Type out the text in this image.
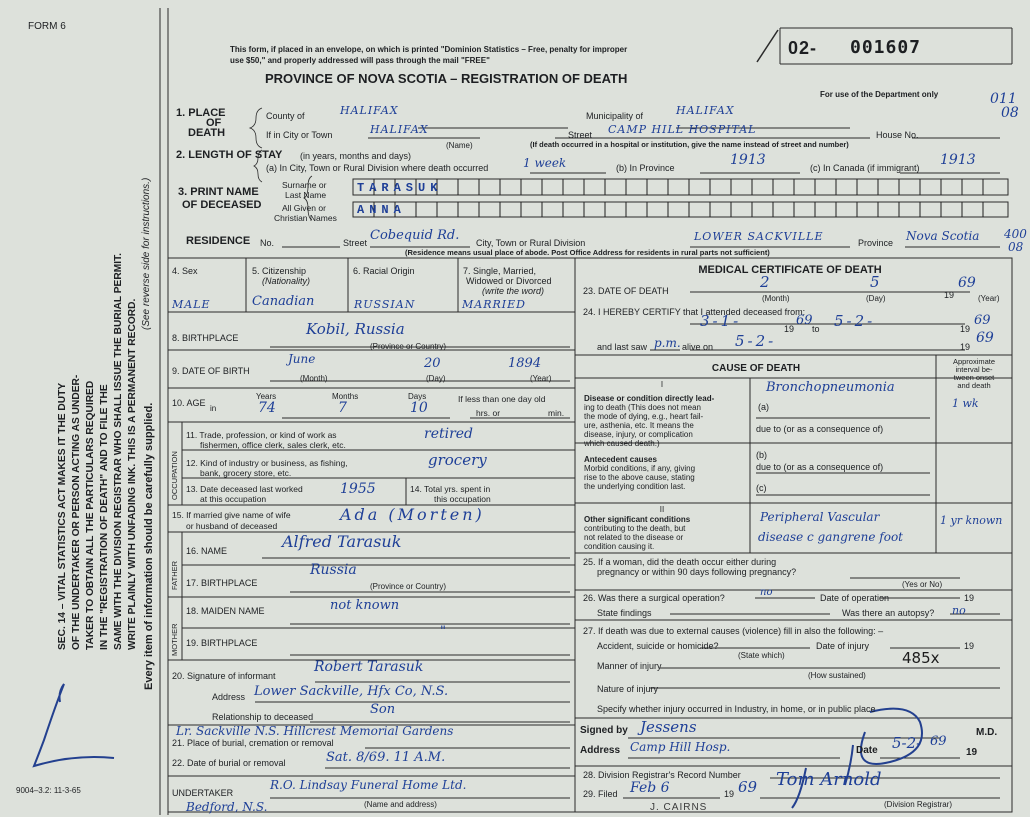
FORM 6
This form, if placed in an envelope, on which is printed "Dominion Statistics – Free, penalty for improper
use $50," and properly addressed will pass through the mail "FREE"
PROVINCE OF NOVA SCOTIA – REGISTRATION OF DEATH
02- 001607
For use of the Department only	011
08
400
08
SEC. 14 – VITAL STATISTICS ACT MAKES IT THE DUTY OF THE UNDERTAKER OR PERSON ACTING AS UNDER- TAKER TO OBTAIN ALL THE PARTICULARS REQUIRED IN THE "REGISTRATION OF DEATH" AND TO FILE THE SAME WITH THE DIVISION REGISTRAR WHO SHALL ISSUE THE BURIAL PERMIT. WRITE PLAINLY WITH UNFADING INK. THIS IS A PERMANENT RECORD. Every item of information should be carefully supplied.
(See reverse side for instructions.)
9004–3.2: 11-3-65
1. PLACE
OF
DEATH
County of	HALIFAX	Municipality of	HALIFAX
If in City or Town	HALIFAX	Street CAMP HILL HOSPITAL	House No.
(Name)	(If death occurred in a hospital or institution, give the name instead of street and number)
2. LENGTH OF STAY (in years, months and days)
(a) In City, Town or Rural Division where death occurred	1 week	(b) In Province	1913	(c) In Canada (if immigrant) 1913
3. PRINT NAME
OF DECEASED
Surname or
Last Name
All Given or
Christian Names
TARASUK
ANNA
RESIDENCE No.	Street Cobequid Rd. City, Town or Rural Division	LOWER SACKVILLE	Province Nova Scotia
(Residence means usual place of abode. Post Office Address for residents in rural parts not sufficient)
4. Sex
MALE
5. Citizenship
(Nationality)
Canadian
6. Racial Origin
RUSSIAN
7. Single, Married,
Widowed or Divorced
(write the word)
MARRIED
8. BIRTHPLACE	Kobil, Russia
(Province or Country)
9. DATE OF BIRTH
June	20	1894
(Month)	(Day)	(Year)
10. AGE
in
Years	Months	Days
74	7	10
If less than one day old
hrs. or	min.
OCCUPATION
11. Trade, profession, or kind of work as
fishermen, office clerk, sales clerk, etc.
retired
12. Kind of industry or business, as fishing,
bank, grocery store, etc.
grocery
13. Date deceased last worked
at this occupation
1955	14. Total yrs. spent in
this occupation
15. If married give name of wife
or husband of deceased
Ada (Morten)
FATHER
MOTHER
16. NAME	Alfred Tarasuk
17. BIRTHPLACE
Russia
(Province or Country)
18. MAIDEN NAME	not known
19. BIRTHPLACE
"
20. Signature of informant
Robert Tarasuk
Address Lower Sackville, Hfx Co, N.S.
Relationship to deceased	Son
21. Place of burial, cremation or removal
Lr. Sackville N.S. Hillcrest Memorial Gardens
22. Date of burial or removal	Sat. 8/69. 11 A.M.
UNDERTAKER
R.O. Lindsay Funeral Home Ltd.
Bedford, N.S.	(Name and address)
MEDICAL CERTIFICATE OF DEATH
23. DATE OF DEATH	2	5
19
69
(Month)	(Day)	(Year)
24. I HEREBY CERTIFY that I attended deceased from:
3-1-	19
69
to 5-2-	19
69
and last saw p.m. alive on 5-2-	19
69
CAUSE OF DEATH
I
Approximate
interval be-
tween onset
and death
Disease or condition directly lead-
ing to death (This does not mean
the mode of dying, e.g., heart fail-
ure, asthenia, etc. It means the
disease, injury, or complication
which caused death.)
(a)
Bronchopneumonia
1 wk
due to (or as a consequence of)
Antecedent causes
Morbid conditions, if any, giving
rise to the above cause, stating
the underlying condition last.
(b)
due to (or as a consequence of)
(c)
II
Other significant conditions
contributing to the death, but
not related to the disease or
condition causing it.
Peripheral Vascular
disease c gangrene foot
1 yr known
25. If a woman, did the death occur either during
pregnancy or within 90 days following pregnancy?
(Yes or No)
26. Was there a surgical operation?	no	Date of operation	19
State findings	Was there an autopsy? no
27. If death was due to external causes (violence) fill in also the following: –
Accident, suicide or homicide?
(State which)
Date of injury	19
485x
Manner of injury
(How sustained)
Nature of injury
Specify whether injury occurred in Industry, in home, or in public place
Signed by Jessens	M.D.
Address Camp Hill Hosp.	Date 5-2- 69
19
28. Division Registrar's Record Number
29. Filed Feb 6	19 69 Tom Arnold
(Division Registrar)
J. CAIRNS
